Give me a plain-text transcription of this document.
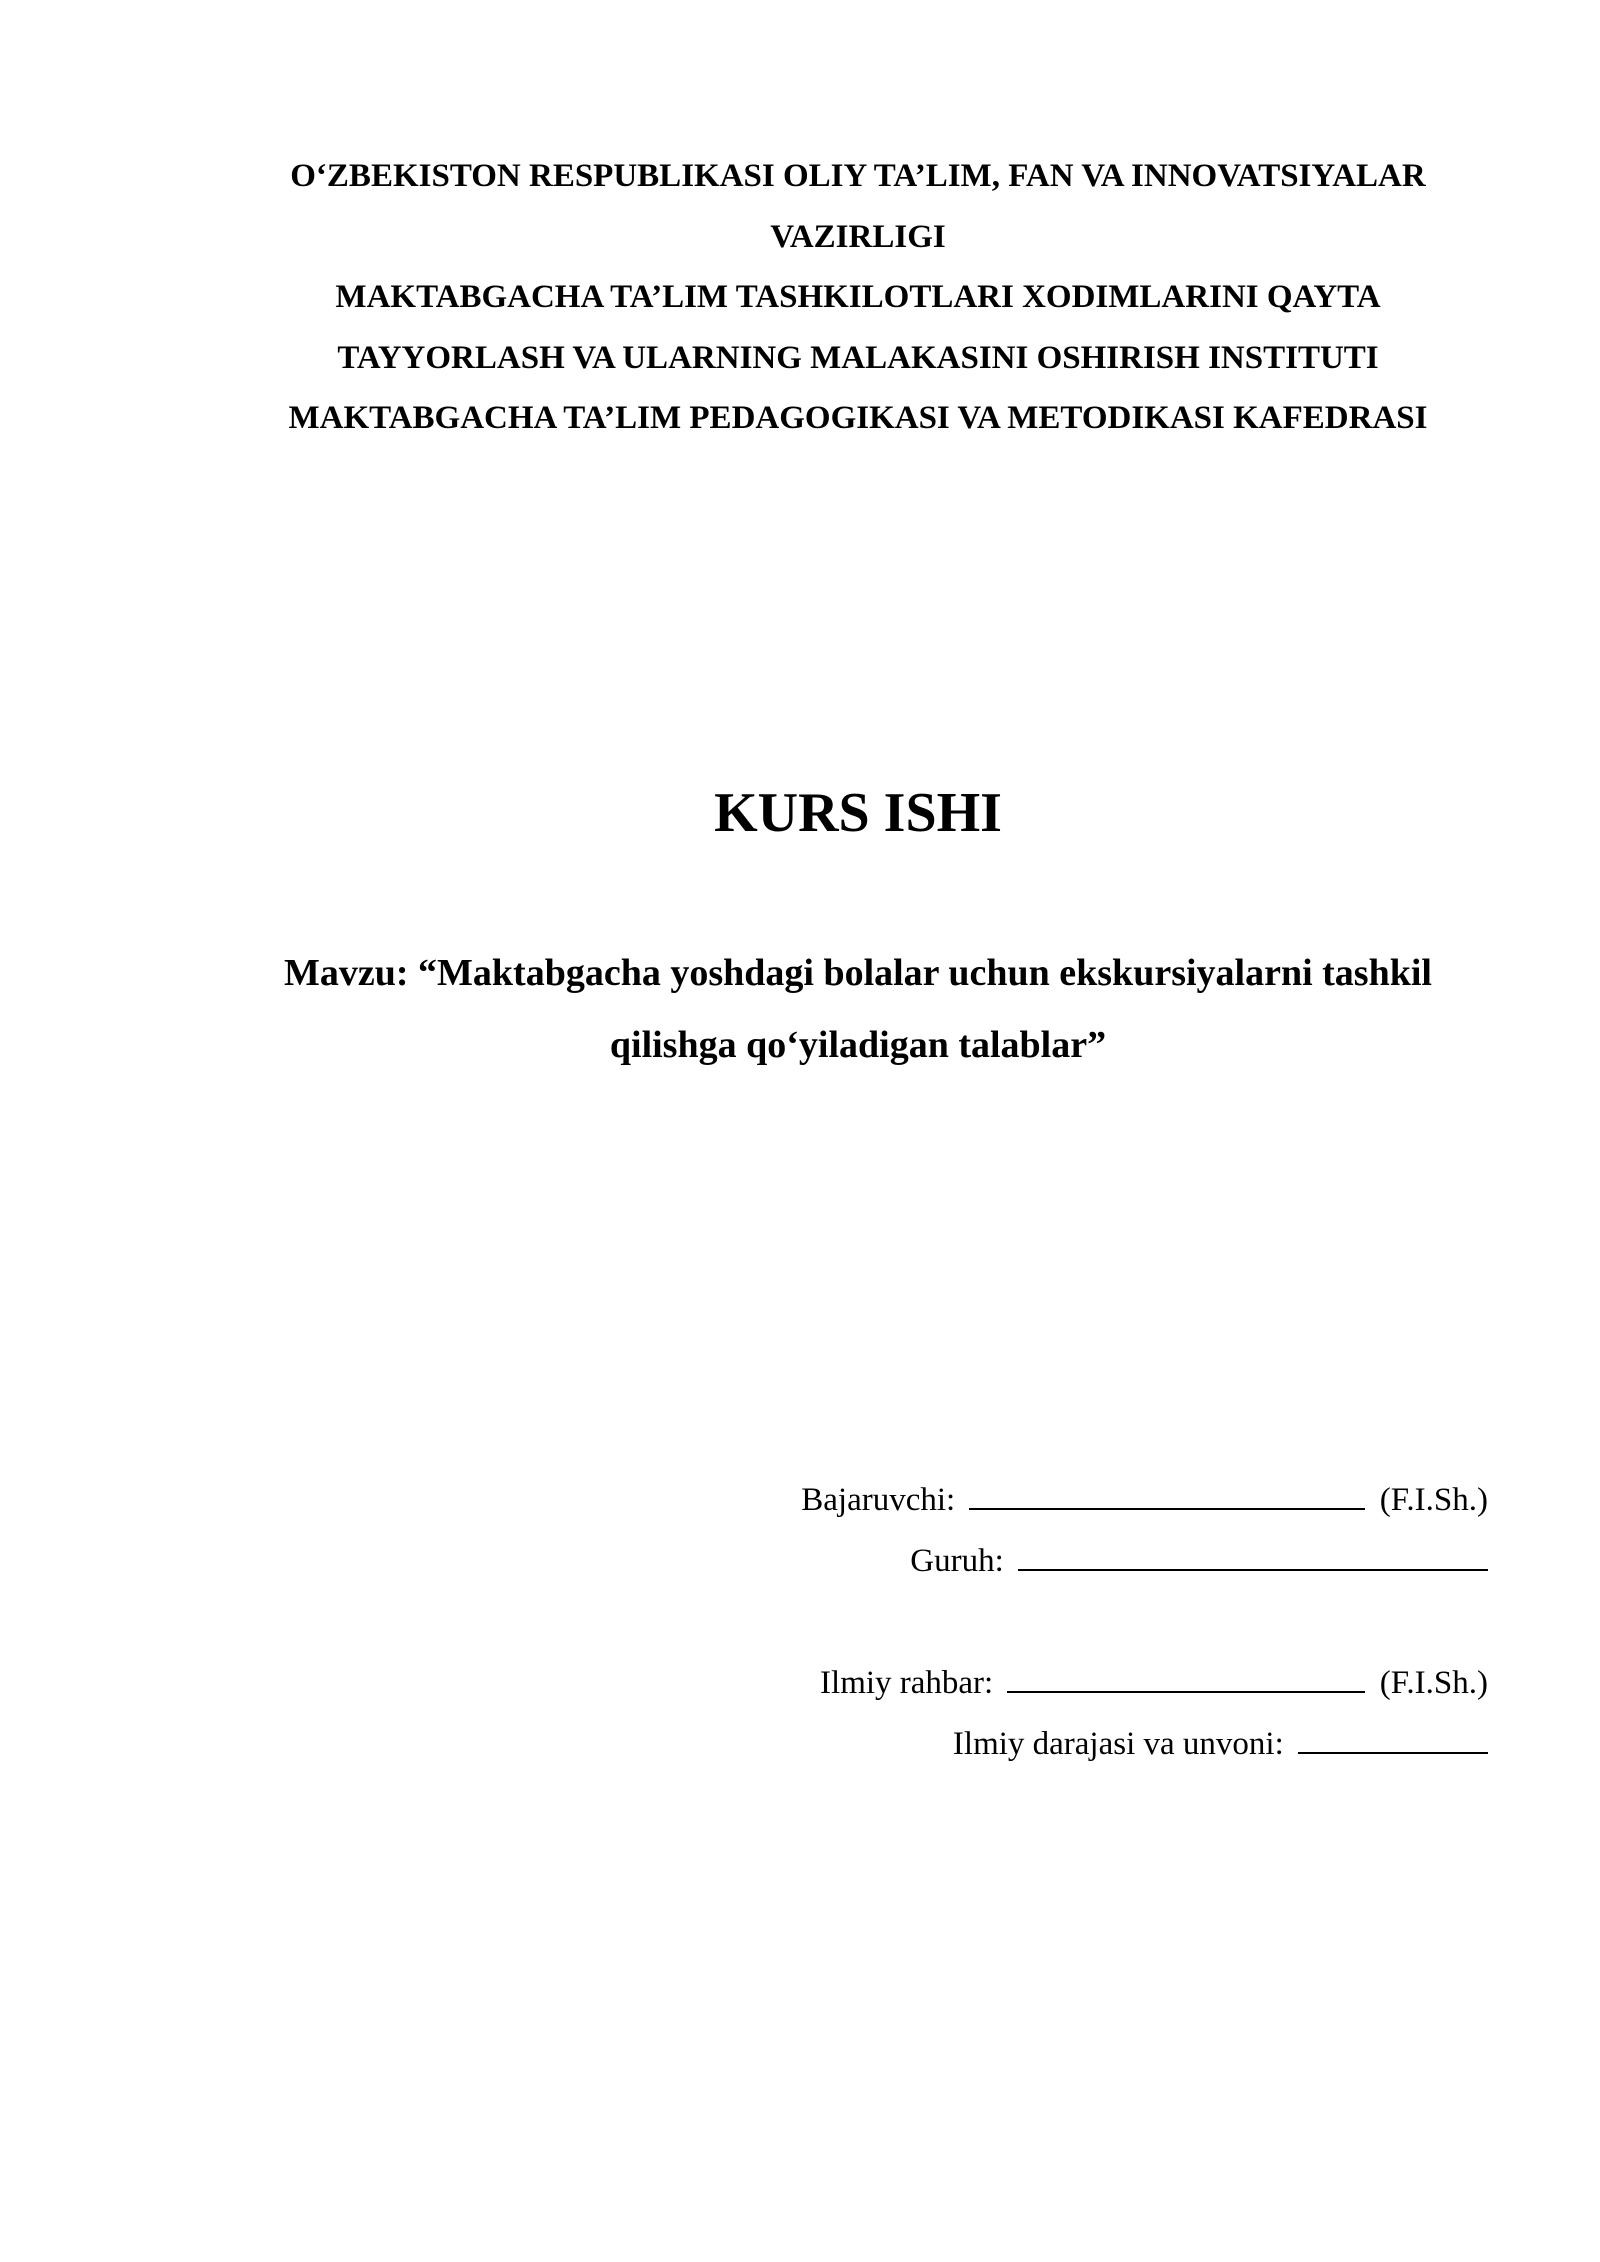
O‘ZBEKISTON RESPUBLIKASI OLIY TA’LIM, FAN VA INNOVATSIYALAR
VAZIRLIGI
MAKTABGACHA TA’LIM TASHKILOTLARI XODIMLARINI QAYTA
TAYYORLASH VA ULARNING MALAKASINI OSHIRISH INSTITUTI
MAKTABGACHA TA’LIM PEDAGOGIKASI VA METODIKASI KAFEDRASI
KURS ISHI
Mavzu: “Maktabgacha yoshdagi bolalar uchun ekskursiyalarni tashkil
qilishga qo‘yiladigan talablar”
Bajaruvchi:	(F.I.Sh.)
Guruh:
Ilmiy rahbar:	(F.I.Sh.)
Ilmiy darajasi va unvoni:
